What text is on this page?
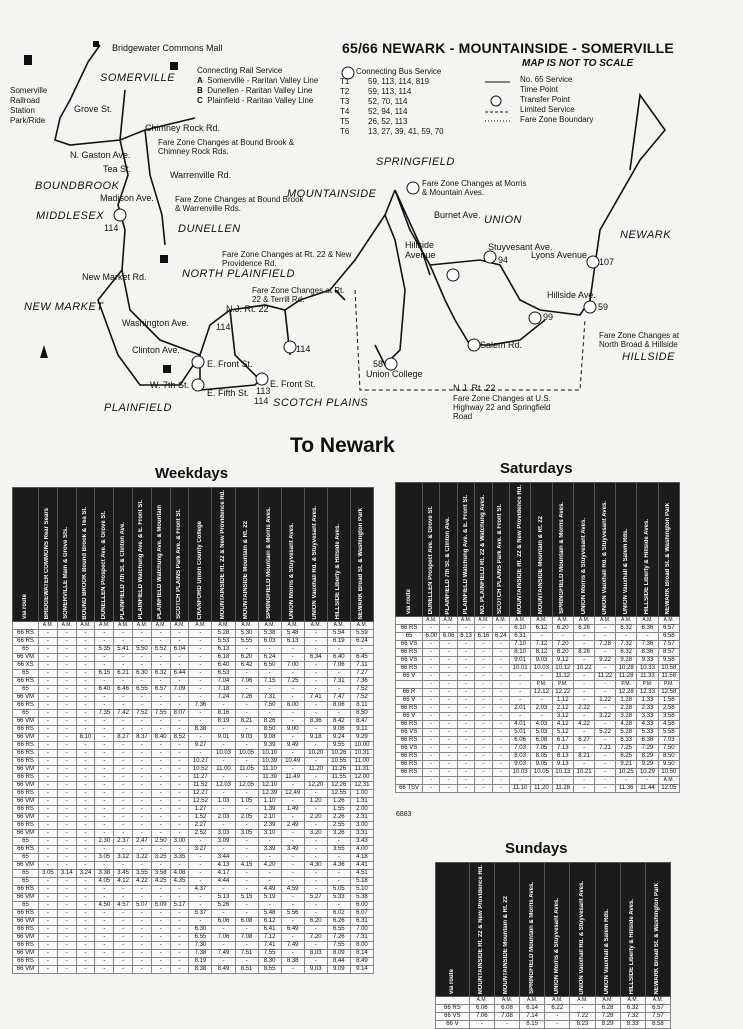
65/66 NEWARK - MOUNTAINSIDE - SOMERVILLE
MAP IS NOT TO SCALE
Bridgewater Commons Mall
Connecting Rail Service
A Somerville - Raritan Valley Line
B Dunellen - Raritan Valley Line
C Plainfield - Raritan Valley Line
Connecting Bus Service
T1	59, 113, 114, 819
T2	59, 113, 114
T3	52, 70, 114
T4	52, 94, 114
T5	26, 52, 113
T6	13, 27, 39, 41, 59, 70
No. 65 Service
Time Point
Transfer Point
Limited Service
Fare Zone Boundary
Somerville Railroad Station Park/Ride
SOMERVILLE
BOUNDBROOK
MIDDLESEX
DUNELLEN
NORTH PLAINFIELD
NEW MARKET
PLAINFIELD	SCOTCH PLAINS
MOUNTAINSIDE
SPRINGFIELD
UNION
NEWARK
HILLSIDE
Fare Zone Changes at Bound Brook & Chimney Rock Rds.
Fare Zone Changes at Bound Brook & Warrenville Rds.
Fare Zone Changes at Rt. 22 & New Providence Rd.
Fare Zone Changes at Rt. 22 & Terrill Rd.
Fare Zone Changes at Morris & Mountain Aves.
Fare Zone Changes at North Broad & Hillside
Fare Zone Changes at U.S. Highway 22 and Springfield Road
Grove St.
Chimney Rock Rd.
N. Gaston Ave.
Tea St.
Warrenville Rd.
Madison Ave.
New Market Rd.
Washington Ave.
Clinton Ave.
W. 7th St.
E. Front St.
E. Fifth St.
N.J. Rt. 22
Hillside Avenue
Burnet Ave.
Stuyvesant Ave.
Lyons Avenue
Hillside Ave.
Union College
Salem Rd.
N.J. Rt. 22
E. Front St.
114
114
114
114
113
94
99
107
59
58
To Newark
Weekdays	Saturdays
Sundays
6883
via route	BRIDGEWATER COMMONS Rear Sears	SOMERVILLE Main & Grove Sts.	BOUND BROOK Bound Brook & Tea St.	DUNELLEN Prospect Ave. & Grove St.	PLAINFIELD 7th St. & Clinton Ave.	PLAINFIELD Watchung Ave. & E. Front St.	PLAINFIELD Watchung Ave. & Mountain	SCOTCH PLAINS Park Ave. & Front St.	CRANFORD Union County College	MOUNTAINSIDE Rt. 22 & New Providence Rd.	MOUNTAINSIDE Mountain & Rt. 22	SPRINGFIELD Mountain & Morris Aves.	UNION Morris & Stuyvesant Aves.	UNION Vauxhall Rd. & Stuyvesant Aves.	HILLSIDE Liberty & Hillside Aves.	NEWARK Broad St. & Washington Park

	A.M.	A.M.	A.M.	A.M.	A.M.	A.M.	A.M.	A.M.	A.M.	A.M.	A.M.	A.M.	A.M.	A.M.	A.M.	A.M.
66 RS	-	-	-	-	-	-	-	-	-	5.28	5.30	5.38	5.48	-	5.54	5.59
66 RS	-	-	-	-	-	-	-	-	-	5.53	5.55	6.03	6.13	-	6.19	6.24
65	-	-	-	5.35	5.41	5.50	5.52	6.04	-	6.13	-	-	-	-	-	-
66 VM	-	-	-	-	-	-	-	-	-	6.18	6.20	6.24	-	6.34	6.40	6.45
66 XS	-	-	-	-	-	-	-	-	-	6.40	6.42	6.50	7.00	-	7.06	7.11
65	-	-	-	6.15	6.21	6.30	6.32	6.44	-	6.53	-	-	-	-	-	7.27
66 RS	-	-	-	-	-	-	-	-	-	7.04	7.06	7.15	7.25	-	7.31	7.36
65	-	-	-	6.40	6.46	6.55	6.57	7.09	-	7.18	-	-	-	-	-	7.52
66 VM	-	-	-	-	-	-	-	-	-	7.24	7.26	7.31	-	7.41	7.47	7.52
66 RS	-	-	-	-	-	-	-	-	7.36	-	-	7.50	8.00	-	8.06	8.11
65	-	-	-	7.35	7.42	7.52	7.55	8.07	-	8.16	-	-	-	-	-	8.50
66 VM	-	-	-	-	-	-	-	-	-	8.19	8.21	8.26	-	8.36	8.42	8.47
66 RS	-	-	-	-	-	-	-	-	8.38	-	-	8.50	9.00	-	9.06	9.11
66 VM	-	-	8.10	-	8.27	8.37	8.40	8.52	-	9.01	9.03	9.08	-	9.18	9.24	9.29
66 RS	-	-	-	-	-	-	-	-	9.27	-	-	9.39	9.49	-	9.55	10.00
66 RS	-	-	-	-	-	-	-	-	-	10.03	10.05	10.10	-	10.20	10.26	10.31
66 RS	-	-	-	-	-	-	-	-	10.27	-	-	10.39	10.49	-	10.55	11.00
66 VM	-	-	-	-	-	-	-	-	10.52	11.00	11.05	11.10	-	11.20	11.26	11.31
66 RS	-	-	-	-	-	-	-	-	11.27	-	-	11.39	11.49	-	11.55	12.00
66 VM	-	-	-	-	-	-	-	-	11.52	12.03	12.05	12.10	-	12.20	12.26	12.31
66 RS	-	-	-	-	-	-	-	-	12.27	-	-	12.39	12.49	-	12.55	1.00
66 VM	-	-	-	-	-	-	-	-	12.52	1.03	1.05	1.10	-	1.20	1.26	1.31
66 RS	-	-	-	-	-	-	-	-	1.27	-	-	1.39	1.49	-	1.55	2.00
66 VM	-	-	-	-	-	-	-	-	1.52	2.03	2.05	2.10	-	2.20	2.26	2.31
66 RS	-	-	-	-	-	-	-	-	2.27	-	-	2.39	2.49	-	2.55	3.00
66 VM	-	-	-	-	-	-	-	-	2.52	3.03	3.05	3.10	-	3.20	3.26	3.31
65	-	-	-	2.30	2.37	2.47	2.50	3.00	-	3.09	-	-	-	-	-	3.43
66 RS	-	-	-	-	-	-	-	-	3.27	-	-	3.39	3.49	-	3.55	4.00
65	-	-	-	3.05	3.12	3.22	3.25	3.35	-	3.44	-	-	-	-	-	4.18
66 VM	-	-	-	-	-	-	-	-	-	4.13	4.15	4.20	-	4.30	4.36	4.41
65	3.05	3.14	3.24	3.38	3.45	3.55	3.58	4.08	-	4.17	-	-	-	-	-	4.51
65	-	-	-	4.05	4.12	4.22	4.25	4.35	-	4.44	-	-	-	-	-	5.18
66 RS	-	-	-	-	-	-	-	-	4.37	-	-	4.49	4.59	-	5.05	5.10
66 VM	-	-	-	-	-	-	-	-	-	5.13	5.15	5.19	-	5.27	5.33	5.38
65	-	-	-	4.50	4.57	5.07	5.09	5.17	-	5.26	-	-	-	-	-	6.00
66 RS	-	-	-	-	-	-	-	-	5.37	-	-	5.48	5.56	-	6.02	6.07
66 VM	-	-	-	-	-	-	-	-	-	6.06	6.08	6.12	-	6.20	6.26	6.31
66 RS	-	-	-	-	-	-	-	-	6.30	-	-	6.41	6.49	-	6.55	7.00
66 VM	-	-	-	-	-	-	-	-	6.55	7.06	7.08	7.12	-	7.20	7.26	7.31
66 RS	-	-	-	-	-	-	-	-	7.30	-	-	7.41	7.49	-	7.55	8.00
66 VM	-	-	-	-	-	-	-	-	7.38	7.49	7.51	7.55	-	8.03	8.09	8.14
66 RS	-	-	-	-	-	-	-	-	8.19	-	-	8.30	8.38	-	8.44	8.49
66 VM	-	-	-	-	-	-	-	-	8.38	8.49	8.51	8.55	-	9.03	9.09	9.14
via route	DUNELLEN Prospect Ave. & Grove St.	PLAINFIELD 7th St. & Clinton Ave.	PLAINFIELD Watchung Ave. & E. Front St.	NO. PLAINFIELD Rt. 22 & Watchung Aves.	SCOTCH PLAINS Park Ave. & Front St.	MOUNTAINSIDE Rt. 22 & New Providence Rd.	MOUNTAINSIDE Mountain & Rt. 22	SPRINGFIELD Mountain & Morris Aves.	UNION Morris & Stuyvesant Aves.	UNION Vauxhall Rd. & Stuyvesant Aves.	UNION Vauxhall & Salem Rds.	HILLSIDE Liberty & Hillside Aves.	NEWARK Broad St. & Washington Park

	A.M.	A.M.	A.M.	A.M.	A.M.	A.M.	A.M.	A.M.	A.M.	A.M.	A.M.	A.M.	A.M.
66 RS	-	-	-	-	-	6.10	6.12	6.20	6.28	-	6.32	6.36	6.57
65	6.00	6.06	6.13	6.16	6.24	6.31	-	-	-	-	-	-	6.58
66 VS	-	-	-	-	-	7.10	7.12	7.20	-	7.28	7.32	7.36	7.57
66 RS	-	-	-	-	-	8.10	8.12	8.20	8.28	-	8.32	8.36	8.57
66 VS	-	-	-	-	-	9.01	9.03	9.12	-	9.22	9.28	9.33	9.58
66 RS	-	-	-	-	-	10.01	10.03	10.12	10.22	-	10.28	10.33	10.58
66 V	-	-	-	-	-	-	-	11.12	-	11.22	11.28	11.33	11.58
	-	-	-	-	-	-	P.M.	P.M.	-	-	P.M.	P.M.	P.M.
66 R	-	-	-	-	-	-	12.12	12.22	-	-	12.28	12.33	12.58
66 V	-	-	-	-	-	-	-	1.12	-	1.22	1.28	1.33	1.58
66 RS	-	-	-	-	-	2.01	2.03	2.12	2.22	-	2.28	2.33	2.58
66 V	-	-	-	-	-	-	-	3.12	-	3.22	3.28	3.33	3.58
66 RS	-	-	-	-	-	4.01	4.03	4.12	4.22	-	4.28	4.33	4.58
66 VS	-	-	-	-	-	5.01	5.03	5.12	-	5.22	5.28	5.33	5.58
66 RS	-	-	-	-	-	6.06	6.08	6.17	6.27	-	6.33	6.38	7.03
66 VS	-	-	-	-	-	7.03	7.05	7.13	-	7.21	7.25	7.29	7.50
66 RS	-	-	-	-	-	8.03	8.05	8.13	8.21	-	8.25	8.29	8.50
66 RS	-	-	-	-	-	9.03	9.05	9.13	-	-	9.21	9.29	9.50
66 RS	-	-	-	-	-	10.03	10.05	10.13	10.21	-	10.25	10.29	10.50
	-	-	-	-	-	-	-	-	-	-	-	-	A.M.
66 TSV	-	-	-	-	-	11.10	11.20	11.28	-	-	11.36	11.44	12.05
via route	MOUNTAINSIDE Rt. 22 & New Providence Rd.	MOUNTAINSIDE Mountain & Rt. 22	SPRINGFIELD Mountain & Morris Aves.	UNION Morris & Stuyvesant Aves.	UNION Vauxhall Rd. & Stuyvesant Aves.	UNION Vauxhall & Salem Rds.	HILLSIDE Liberty & Hillside Aves.	NEWARK Broad St. & Washington Park

	A.M.	A.M.	A.M.	A.M.	A.M.	A.M.	A.M.	A.M.
66 RS	6.06	6.08	6.14	6.22	-	6.28	6.32	6.57
66 VS	7.06	7.08	7.14	-	7.22	7.28	7.32	7.57
66 V	-	-	8.15	-	8.23	8.29	8.33	8.58
